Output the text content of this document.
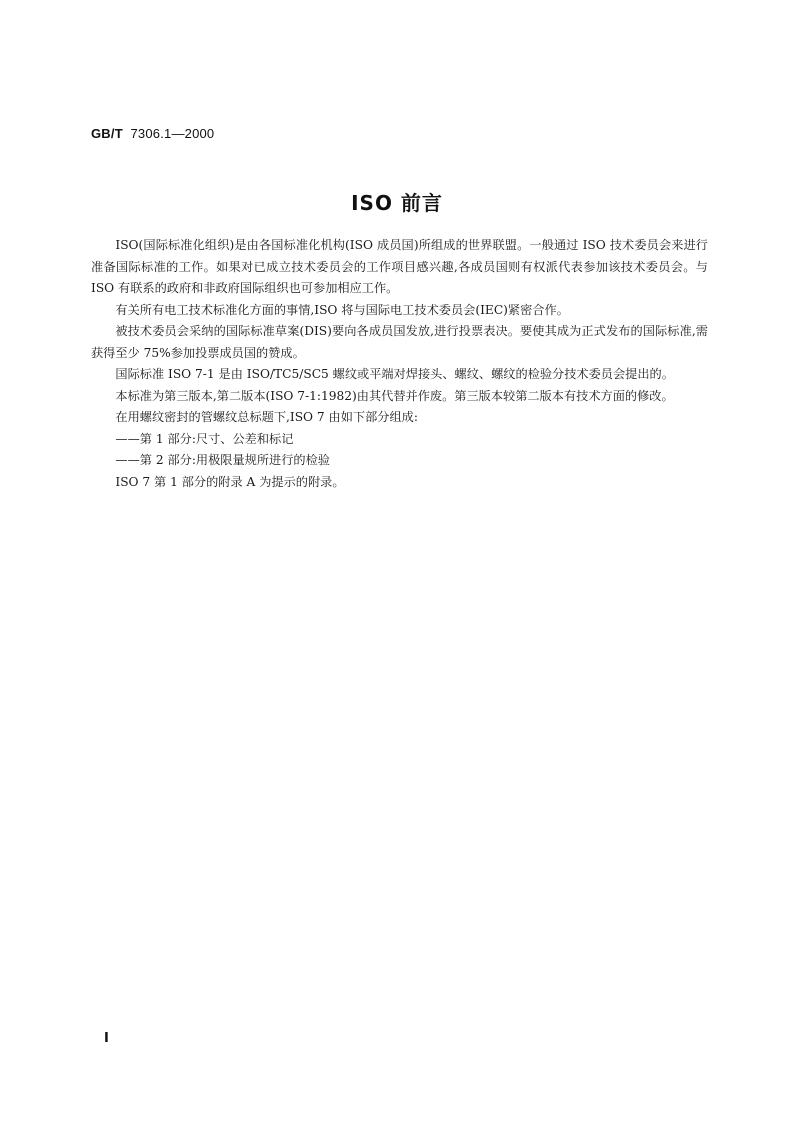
GB/T 7306.1—2000
ISO 前言

ISO(国际标准化组织)是由各国标准化机构(ISO 成员国)所组成的世界联盟。一般通过 ISO 技术委员会来进行准备国际标准的工作。如果对已成立技术委员会的工作项目感兴趣,各成员国则有权派代表参加该技术委员会。与 ISO 有联系的政府和非政府国际组织也可参加相应工作。

有关所有电工技术标准化方面的事情,ISO 将与国际电工技术委员会(IEC)紧密合作。

被技术委员会采纳的国际标准草案(DIS)要向各成员国发放,进行投票表决。要使其成为正式发布的国际标准,需获得至少 75%参加投票成员国的赞成。

国际标准 ISO 7-1 是由 ISO/TC5/SC5 螺纹或平端对焊接头、螺纹、螺纹的检验分技术委员会提出的。

本标准为第三版本,第二版本(ISO 7-1:1982)由其代替并作废。第三版本较第二版本有技术方面的修改。

在用螺纹密封的管螺纹总标题下,ISO 7 由如下部分组成:

——第 1 部分:尺寸、公差和标记

——第 2 部分:用极限量规所进行的检验

ISO 7 第 1 部分的附录 A 为提示的附录。

I
